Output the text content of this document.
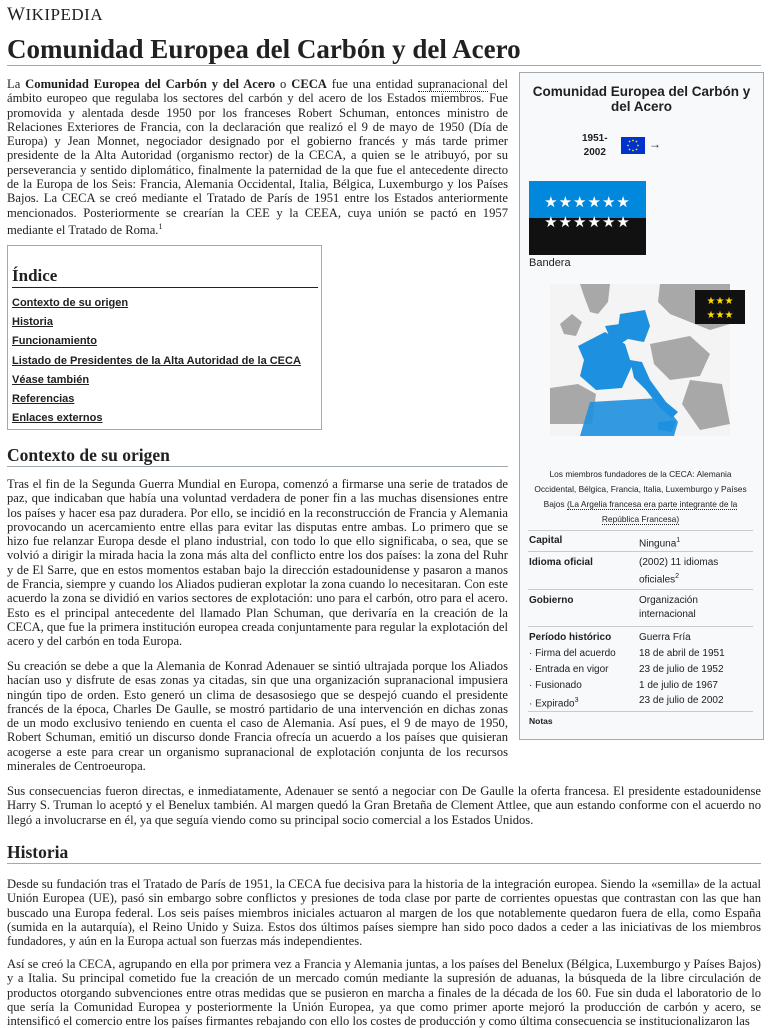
WIKIPEDIA
Comunidad Europea del Carbón y del Acero

La Comunidad Europea del Carbón y del Acero o CECA fue una entidad supranacional del ámbito europeo que regulaba los sectores del carbón y del acero de los Estados miembros. Fue promovida y alentada desde 1950 por los franceses Robert Schuman, entonces ministro de Relaciones Exteriores de Francia, con la declaración que realizó el 9 de mayo de 1950 (Día de Europa) y Jean Monnet, negociador designado por el gobierno francés y más tarde primer presidente de la Alta Autoridad (organismo rector) de la CECA, a quien se le atribuyó, por su perseverancia y sentido diplomático, finalmente la paternidad de la que fue el antecedente directo de la Europa de los Seis: Francia, Alemania Occidental, Italia, Bélgica, Luxemburgo y los Países Bajos. La CECA se creó mediante el Tratado de París de 1951 entre los Estados anteriormente mencionados. Posteriormente se crearían la CEE y la CEEA, cuya unión se pactó en 1957 mediante el Tratado de Roma.$^1$

Índice
Contexto de su origen
Historia
Funcionamiento
Listado de Presidentes de la Alta Autoridad de la CECA
Véase también
Referencias
Enlaces externos
Contexto de su origen

Tras el fin de la Segunda Guerra Mundial en Europa, comenzó a firmarse una serie de tratados de paz, que indicaban que había una voluntad verdadera de poner fin a las muchas disensiones entre los países y hacer esa paz duradera. Por ello, se incidió en la reconstrucción de Francia y Alemania provocando un acercamiento entre ellas para evitar las disputas entre ambas. Lo primero que se hizo fue relanzar Europa desde el plano industrial, con todo lo que ello significaba, o sea, que se volvió a dirigir la mirada hacia la zona más alta del conflicto entre los dos países: la zona del Ruhr y de El Sarre, que en estos momentos estaban bajo la dirección estadounidense y pasaron a manos de Francia, siempre y cuando los Aliados pudieran explotar la zona cuando lo necesitaran. Con este acuerdo la zona se dividió en varios sectores de explotación: uno para el carbón, otro para el acero. Esto es el principal antecedente del llamado Plan Schuman, que derivaría en la creación de la CECA, que fue la primera institución europea creada conjuntamente para regular la explotación del acero y del carbón en toda Europa.

Su creación se debe a que la Alemania de Konrad Adenauer se sintió ultrajada porque los Aliados hacían uso y disfrute de esas zonas ya citadas, sin que una organización supranacional impusiera ningún tipo de orden. Esto generó un clima de desasosiego que se despejó cuando el presidente francés de la época, Charles De Gaulle, se mostró partidario de una intervención en dichas zonas de un modo exclusivo teniendo en cuenta el caso de Alemania. Así pues, el 9 de mayo de 1950, Robert Schuman, emitió un discurso donde Francia ofrecía un acuerdo a los países que quisieran acogerse a este para crear un organismo supranacional de explotación conjunta de los recursos minerales de Centroeuropa.

Sus consecuencias fueron directas, e inmediatamente, Adenauer se sentó a negociar con De Gaulle la oferta francesa. El presidente estadounidense Harry S. Truman lo aceptó y el Benelux también. Al margen quedó la Gran Bretaña de Clement Attlee, que aun estando conforme con el acuerdo no llegó a involucrarse en él, ya que seguía viendo como su principal socio comercial a los Estados Unidos.

Historia

Desde su fundación tras el Tratado de París de 1951, la CECA fue decisiva para la historia de la integración europea. Siendo la «semilla» de la actual Unión Europea (UE), pasó sin embargo sobre conflictos y presiones de toda clase por parte de corrientes opuestas que contrastan con las que han buscado una Europa federal. Los seis países miembros iniciales actuaron al margen de los que notablemente quedaron fuera de ella, como España (sumida en la autarquía), el Reino Unido y Suiza. Estos dos últimos países siempre han sido poco dados a ceder a las iniciativas de los miembros fundadores, y aún en la Europa actual son fuerzas más independientes.

Así se creó la CECA, agrupando en ella por primera vez a Francia y Alemania juntas, a los países del Benelux (Bélgica, Luxemburgo y Países Bajos) y a Italia. Su principal cometido fue la creación de un mercado común mediante la supresión de aduanas, la búsqueda de la libre circulación de productos otorgando subvenciones entre otras medidas que se pusieron en marcha a finales de la década de los 60. Fue sin duda el laboratorio de lo que sería la Comunidad Europea y posteriormente la Unión Europea, ya que como primer aporte mejoró la producción de carbón y acero, se intensificó el comercio entre los países firmantes rebajando con ello los costes de producción y como última consecuencia se institucionalizaron las

Comunidad Europea del Carbón y del Acero
1951-
2002
→
★★★★★★
★★★★★★
Bandera
★★★
★★★
Los miembros fundadores de la CECA: Alemania Occidental, Bélgica, Francia, Italia, Luxemburgo y Países Bajos (La Argelia francesa era parte integrante de la República Francesa)
Capital	Ninguna$^1$
Idioma oficial	(2002) 11 idiomas oficiales$^2$
Gobierno	Organización internacional
Período histórico	Guerra Fría
· Firma del acuerdo 18 de abril de 1951
· Entrada en vigor	23 de julio de 1952
· Fusionado	1 de julio de 1967
· Expirado$^3$	23 de julio de 2002
Notas
